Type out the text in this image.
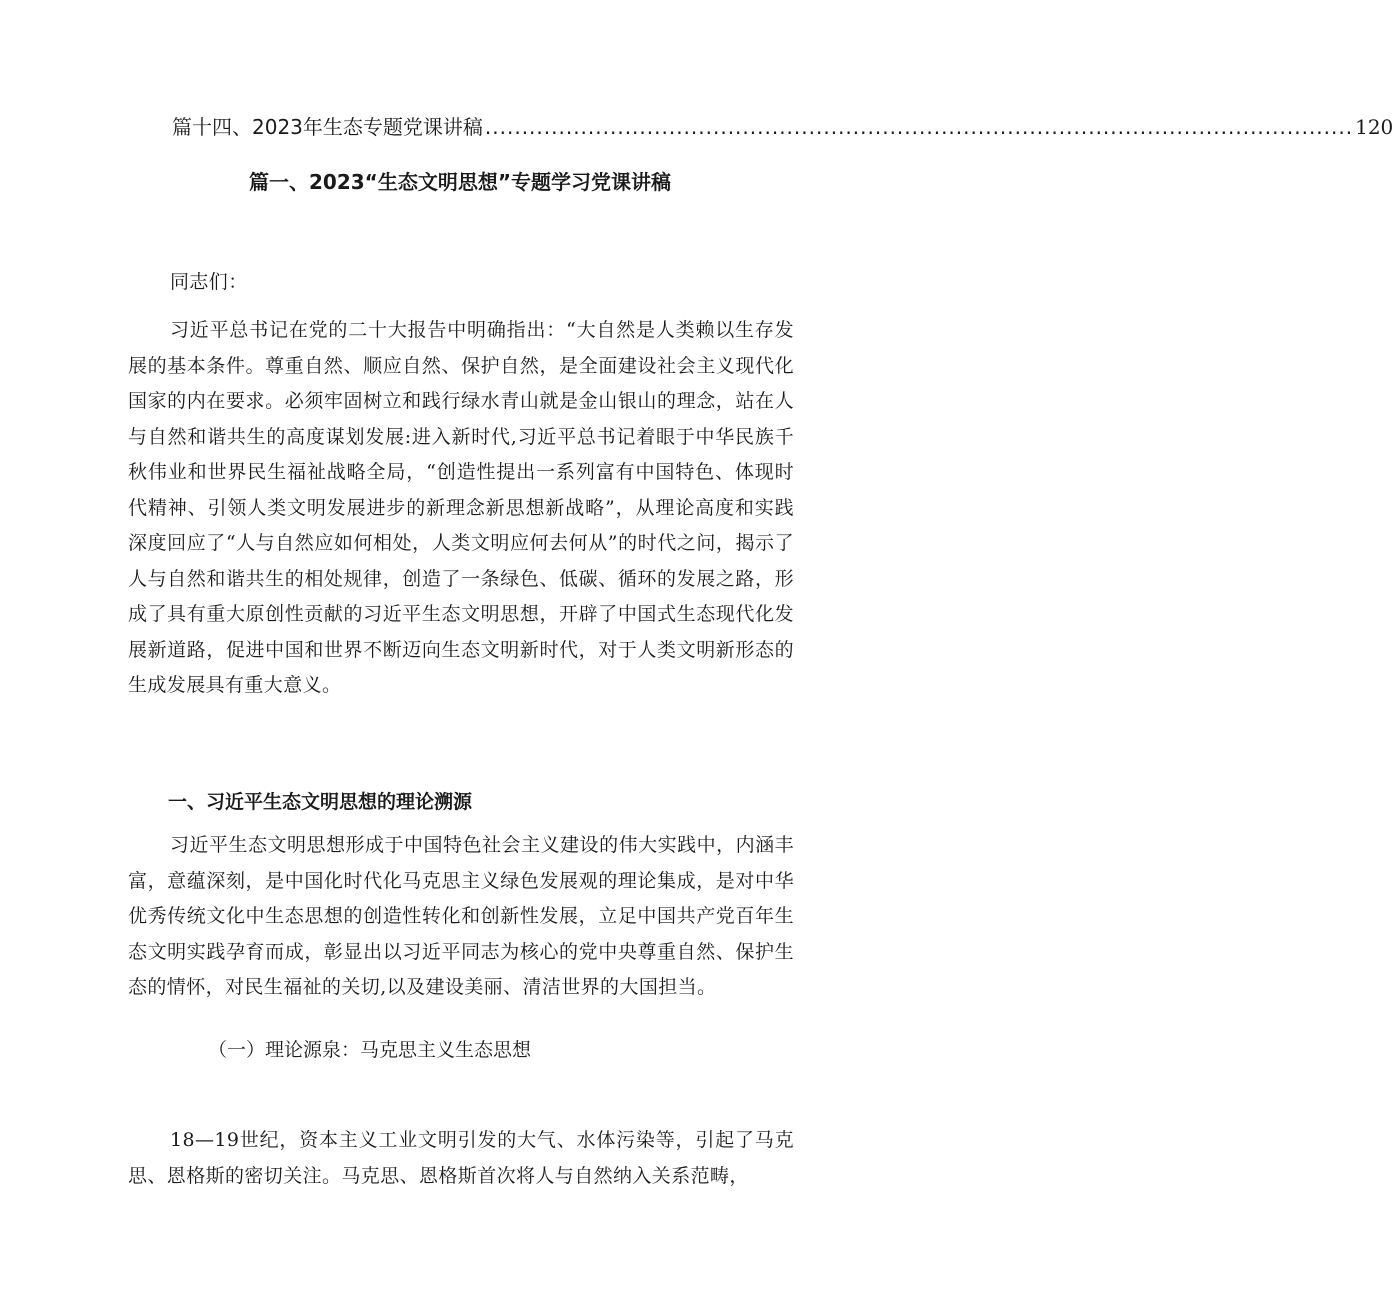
篇十四、2023年生态专题党课讲稿 ...................................................................................................................... 120
篇一、2023“生态文明思想”专题学习党课讲稿
同志们：
习近平总书记在党的二十大报告中明确指出：“大自然是人类赖以生存发展的基本条件。尊重自然、顺应自然、保护自然，是全面建设社会主义现代化国家的内在要求。必须牢固树立和践行绿水青山就是金山银山的理念，站在人与自然和谐共生的高度谋划发展:进入新时代,习近平总书记着眼于中华民族千秋伟业和世界民生福祉战略全局，“创造性提出一系列富有中国特色、体现时代精神、引领人类文明发展进步的新理念新思想新战略”，从理论高度和实践深度回应了“人与自然应如何相处，人类文明应何去何从”的时代之问，揭示了人与自然和谐共生的相处规律，创造了一条绿色、低碳、循环的发展之路，形成了具有重大原创性贡献的习近平生态文明思想，开辟了中国式生态现代化发展新道路，促进中国和世界不断迈向生态文明新时代，对于人类文明新形态的生成发展具有重大意义。
一、习近平生态文明思想的理论溯源
习近平生态文明思想形成于中国特色社会主义建设的伟大实践中，内涵丰富，意蕴深刻，是中国化时代化马克思主义绿色发展观的理论集成，是对中华优秀传统文化中生态思想的创造性转化和创新性发展，立足中国共产党百年生态文明实践孕育而成，彰显出以习近平同志为核心的党中央尊重自然、保护生态的情怀，对民生福祉的关切,以及建设美丽、清洁世界的大国担当。
（一）理论源泉：马克思主义生态思想
18—19世纪，资本主义工业文明引发的大气、水体污染等，引起了马克思、恩格斯的密切关注。马克思、恩格斯首次将人与自然纳入关系范畴，
